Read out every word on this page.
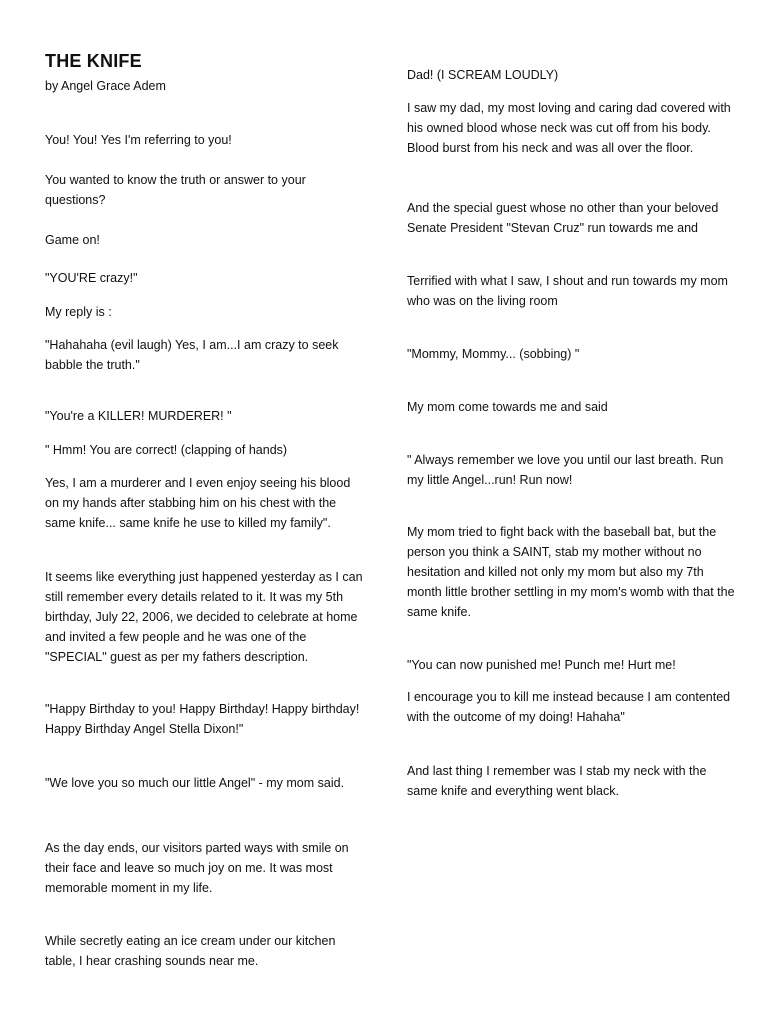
THE KNIFE
by Angel Grace Adem

You! You! Yes I'm referring to you!

You wanted to know the truth or answer to your questions?

Game on!

"YOU'RE crazy!"

My reply is :

"Hahahaha (evil laugh) Yes, I am...I am crazy to seek babble the truth."

"You're a KILLER! MURDERER! "

" Hmm! You are correct! (clapping of hands)

Yes, I am a murderer and I even enjoy seeing his blood on my hands after stabbing him on his chest with the same knife... same knife he use to killed my family".

It seems like everything just happened yesterday as I can still remember every details related to it. It was my 5th birthday, July 22, 2006, we decided to celebrate at home and invited a few people and he was one of the "SPECIAL" guest as per my fathers description.

"Happy Birthday to you! Happy Birthday! Happy birthday! Happy Birthday Angel Stella Dixon!"

"We love you so much our little Angel" - my mom said.

As the day ends, our visitors parted ways with smile on their face and leave so much joy on me. It was most memorable moment in my life.

While secretly eating an ice cream under our kitchen table, I hear crashing sounds near me.

Dad! (I SCREAM LOUDLY)

I saw my dad, my most loving and caring dad covered with his owned blood whose neck was cut off from his body. Blood burst from his neck and was all over the floor.

And the special guest whose no other than your beloved Senate President "Stevan Cruz" run towards me and

Terrified with what I saw, I shout and run towards my mom who was on the living room

"Mommy, Mommy... (sobbing) "

My mom come towards me and said

" Always remember we love you until our last breath. Run my little Angel...run! Run now!

My mom tried to fight back with the baseball bat, but the person you think a SAINT, stab my mother without no hesitation and killed not only my mom but also my 7th month little brother settling in my mom's womb with that the same knife.

"You can now punished me! Punch me! Hurt me!

I encourage you to kill me instead because I am contented with the outcome of my doing! Hahaha"

And last thing I remember was I stab my neck with the same knife and everything went black.
